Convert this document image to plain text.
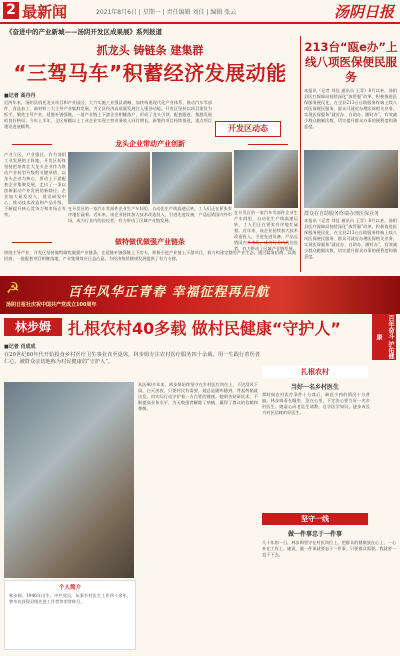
2 最新闻	2021年8月6日 | 星期一 | 责任编辑 刘佳 | 编辑 张云	汤阴日报
《奋进中的产业新城——汤阴开发区成果展》系列报道
抓龙头 铸链条 建集群
“三驾马车”积蓄经济发展动能
■记者 高丹丹
近两年来，汤阴县依托龙头项目和产业园区，大力实施工业强县战略，加快构建现代化产业体系，推动汽车零部件、食品加工、新材料三大主导产业集群发展，为全县经济高质量发展注入强劲动能。开发区坚持以项目建设为抓手，聚焦主导产业，延链补链强链，一批产业链上下游企业相继落户，形成了龙头引领、配套跟进、集群发展的良好格局。今年上半年，全区规模以上工业企业实现主营业务收入同比增长，新签约项目持续推进，重点项目建设进展顺利。	开发区动态
213台“瓯e办”上线八项医保便民服务
本报讯（记者 刘佳 通讯员 王青）8月以来，汤阴县医疗保障局持续深化“放管服”改革，积极推进医保服务便民化，在全县213台自助服务终端上线八项医保便民服务，群众可就近办理医保相关业务，实现医保服务“就近办、自助办、随时办”，有效减少群众跑腿次数，切实提升群众办事的便利度和满意度。
群众在自助服务终端办理医保业务
本报讯（记者 刘佳 通讯员 王青）8月以来，汤阴县医疗保障局持续深化“放管服”改革，积极推进医保服务便民化，在全县213台自助服务终端上线八项医保便民服务，群众可就近办理医保相关业务，实现医保服务“就近办、自助办、随时办”，有效减少群众跑腿次数，切实提升群众办事的便利度和满意度。
龙头企业带动产业创新
产业立区，产业强区。作为汤阴工业发展的主阵地，开发区始终坚持把培育壮大龙头企业作为推动产业转型升级的关键举措，以龙头企业为核心，带动上下游配套企业集聚发展，走出了一条以创新驱动产业发展的新路径。企业加大研发投入，建设研发中心，推动技术改造和产品升级，不断提升核心竞争力和市场占有率。
在开发区的一家汽车零部件企业生产车间里，自动化生产线高速运转，工人们正在紧张有序地忙碌着。近年来，该企业持续加大技术改造投入，引进先进设备，产品远销国内外市场，成为行业内的佼佼者，有力带动了区域产业链发展。
在开发区的一家汽车零部件企业生产车间里，自动化生产线高速运转，工人们正在紧张有序地忙碌着。近年来，该企业持续加大技术改造投入，引进先进设备，产品远销国内外市场，成为行业内的佼佼者，有力带动了区域产业链发展。
做特做优做强产业链条
围绕主导产业，开发区坚持做特做优做强产业链条，在延链补链强链上下功夫，积极引进产业链上下游项目，着力构建完整的产业生态。通过精准招商、以商招商，一批配套项目相继落地，产业集聚效应日益凸显，为经济持续健康发展提供了有力支撑。
☭	百年风华正青春 幸福征程再启航
汤阴日报社庆祝中国共产党成立100周年
百年奋斗 护佑健康
林步姆	扎根农村40多载 做村民健康“守护人”
■记者 肖成成
在20世纪60年代开始投身乡村医疗卫生事业直至退休，林步姆专注农村医疗服务四十余载，用一生践行着医者仁心，被群众亲切地称为村民健康的“守护人”。
从医40多年来，林步姆始终坚守在乡村医疗岗位上，不论刮风下雨、白天黑夜，只要村民有需要，她总是随叫随到，背起药箱就出发，用实际行动守护着一方百姓的健康。她刻苦钻研医术，不断提高业务水平，为无数患者解除了病痛，赢得了群众的信赖和尊敬。
个人简介
林步姆，1946年出生，中共党员，从事乡村医生工作四十余年，曾多次获得县级先进工作者等荣誉称号。
扎根农村
当好一名乡村医生
那时候农村医疗条件十分落后，缺医少药的情况十分普遍。林步姆看在眼里、急在心里，下定决心要当好一名乡村医生。她虚心向老医生请教，自学医学知识，逐步成长为村民信赖的好医生。
坚守一线
做一件事忠于一件事
几十年如一日，林步姆坚守在村医岗位上，把群众的健康放在心上，一心扑在工作上。她说，做一件事就要忠于一件事，只要群众需要，我就要一直干下去。
